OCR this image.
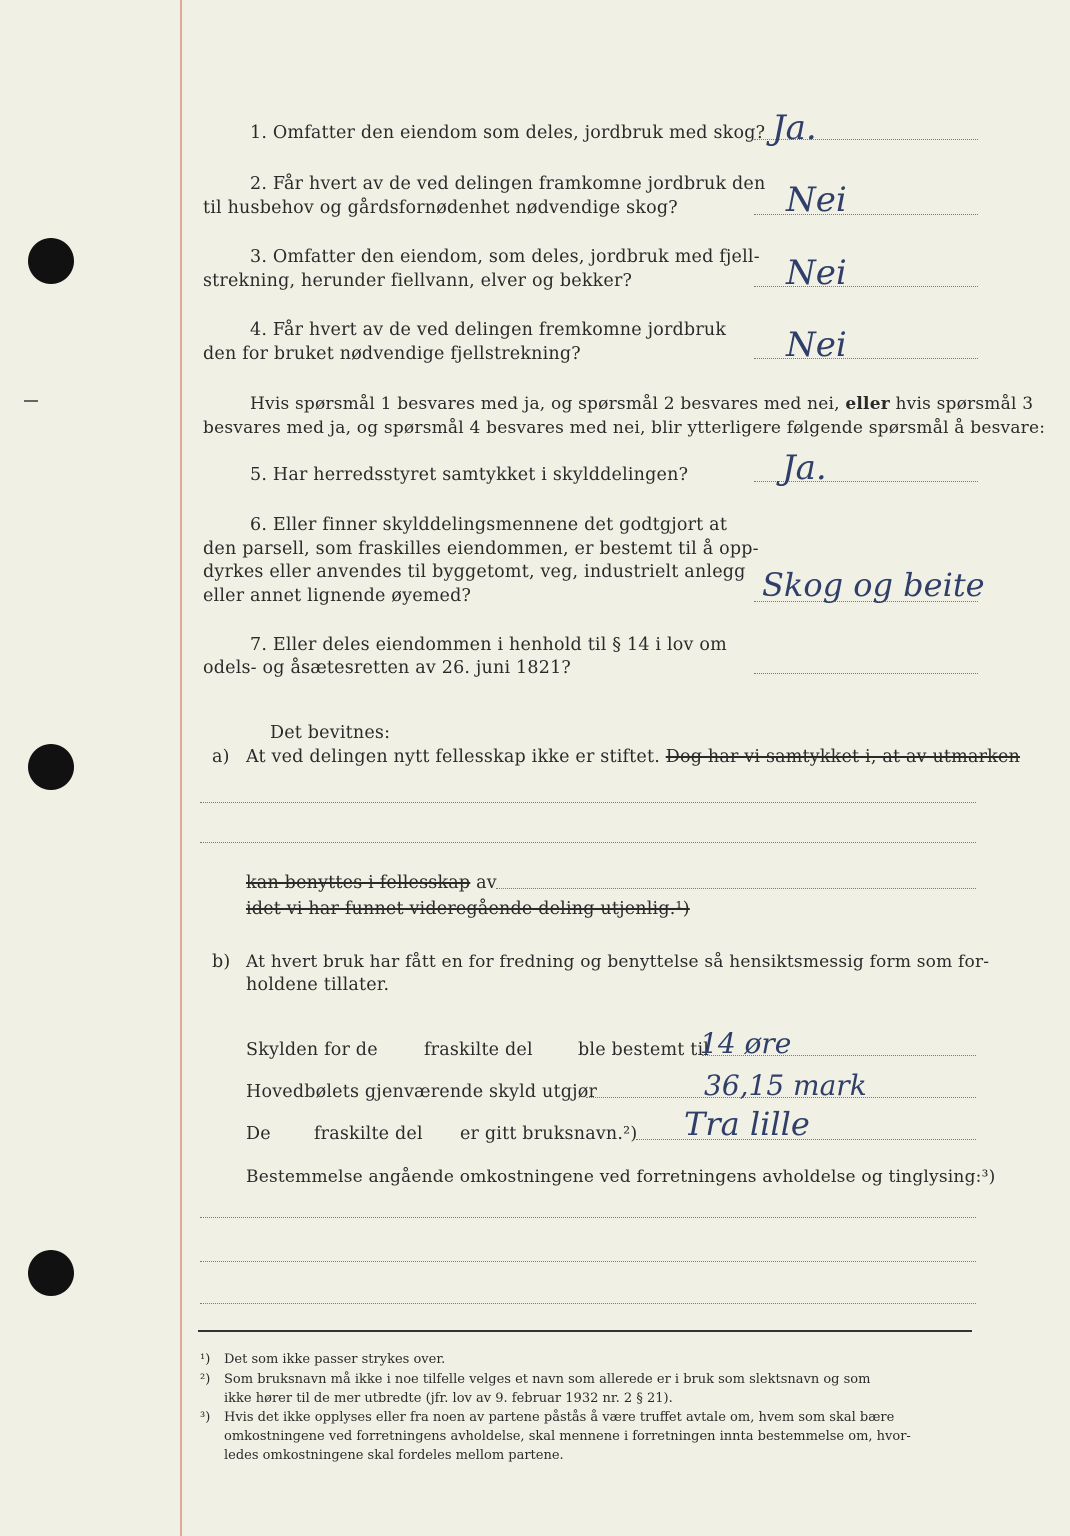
1. Omfatter den eiendom som deles, jordbruk med skog? Ja.
2. Får hvert av de ved delingen framkomne jordbruk den
til husbehov og gårdsfornødenhet nødvendige skog?	Nei
3. Omfatter den eiendom, som deles, jordbruk med fjell-
strekning, herunder fiellvann, elver og bekker?	Nei
4. Får hvert av de ved delingen fremkomne jordbruk
den for bruket nødvendige fjellstrekning?	Nei
Hvis spørsmål 1 besvares med ja, og spørsmål 2 besvares med nei, eller hvis spørsmål 3
besvares med ja, og spørsmål 4 besvares med nei, blir ytterligere følgende spørsmål å besvare:
5. Har herredsstyret samtykket i skylddelingen?	Ja.
6. Eller finner skylddelingsmennene det godtgjort at
den parsell, som fraskilles eiendommen, er bestemt til å opp-
dyrkes eller anvendes til byggetomt, veg, industrielt anlegg
eller annet lignende øyemed?	Skog og beite
7. Eller deles eiendommen i henhold til § 14 i lov om
odels- og åsætesretten av 26. juni 1821?
Det bevitnes:
a) At ved delingen nytt fellesskap ikke er stiftet. Dog har vi samtykket i, at av utmarken
kan benyttes i fellesskap av
idet vi har funnet videregående deling utjenlig.¹)
b) At hvert bruk har fått en for fredning og benyttelse så hensiktsmessig form som for-
holdene tillater.
Skylden for de	fraskilte del	ble bestemt til
14 øre
Hovedbølets gjenværende skyld utgjør	36,15 mark
De fraskilte del er gitt bruksnavn.²) Tra lille
Bestemmelse angående omkostningene ved forretningens avholdelse og tinglysing:³)
¹) Det som ikke passer strykes over.
²) Som bruksnavn må ikke i noe tilfelle velges et navn som allerede er i bruk som slektsnavn og som
ikke hører til de mer utbredte (jfr. lov av 9. februar 1932 nr. 2 § 21).
³) Hvis det ikke opplyses eller fra noen av partene påstås å være truffet avtale om, hvem som skal bære
omkostningene ved forretningens avholdelse, skal mennene i forretningen innta bestemmelse om, hvor-
ledes omkostningene skal fordeles mellom partene.
